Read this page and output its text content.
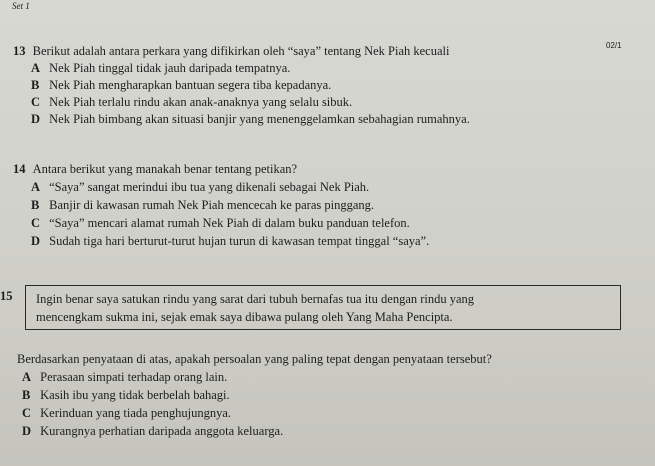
Set 1
02/1
13 Berikut adalah antara perkara yang difikirkan oleh “saya” tentang Nek Piah kecuali
A Nek Piah tinggal tidak jauh daripada tempatnya.
B Nek Piah mengharapkan bantuan segera tiba kepadanya.
C Nek Piah terlalu rindu akan anak-anaknya yang selalu sibuk.
D Nek Piah bimbang akan situasi banjir yang menenggelamkan sebahagian rumahnya.
14 Antara berikut yang manakah benar tentang petikan?
A “Saya” sangat merindui ibu tua yang dikenali sebagai Nek Piah.
B Banjir di kawasan rumah Nek Piah mencecah ke paras pinggang.
C “Saya” mencari alamat rumah Nek Piah di dalam buku panduan telefon.
D Sudah tiga hari berturut-turut hujan turun di kawasan tempat tinggal “saya”.
15 Ingin benar saya satukan rindu yang sarat dari tubuh bernafas tua itu dengan rindu yang
mencengkam sukma ini, sejak emak saya dibawa pulang oleh Yang Maha Pencipta.
Berdasarkan penyataan di atas, apakah persoalan yang paling tepat dengan penyataan tersebut?
A Perasaan simpati terhadap orang lain.
B Kasih ibu yang tidak berbelah bahagi.
C Kerinduan yang tiada penghujungnya.
D Kurangnya perhatian daripada anggota keluarga.
